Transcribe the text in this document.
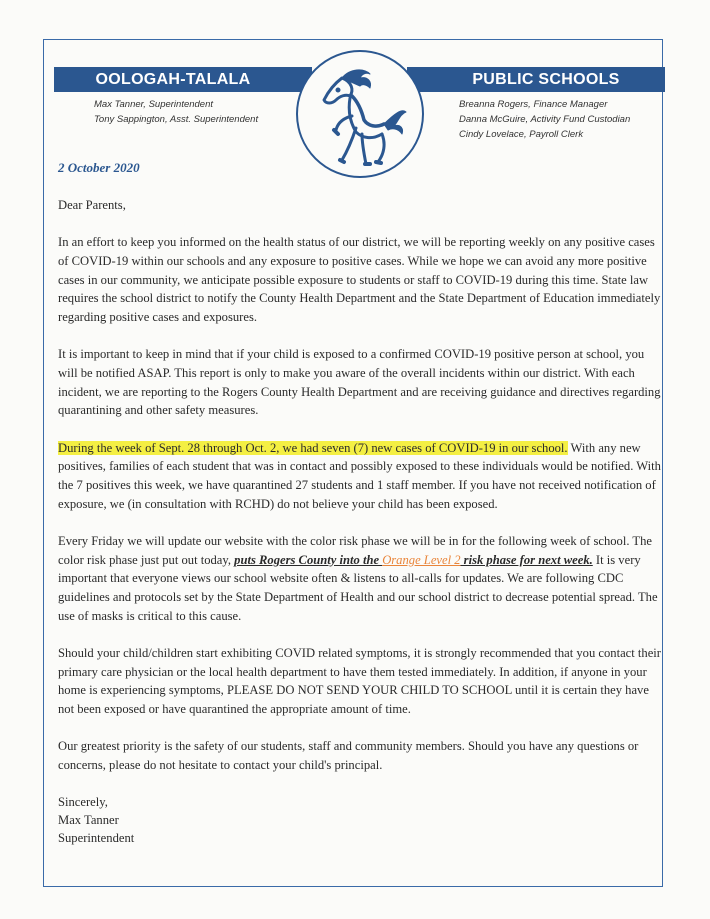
OOLOGAH-TALALA	PUBLIC SCHOOLS
Max Tanner, Superintendent
Tony Sappington, Asst. Superintendent
Breanna Rogers, Finance Manager
Danna McGuire, Activity Fund Custodian
Cindy Lovelace, Payroll Clerk
2 October 2020

Dear Parents,

In an effort to keep you informed on the health status of our district, we will be reporting weekly on any positive cases of COVID-19 within our schools and any exposure to positive cases. While we hope we can avoid any more positive cases in our community, we anticipate possible exposure to students or staff to COVID-19 during this time. State law requires the school district to notify the County Health Department and the State Department of Education immediately regarding positive cases and exposures.

It is important to keep in mind that if your child is exposed to a confirmed COVID-19 positive person at school, you will be notified ASAP. This report is only to make you aware of the overall incidents within our district. With each incident, we are reporting to the Rogers County Health Department and are receiving guidance and directives regarding quarantining and other safety measures.

During the week of Sept. 28 through Oct. 2, we had seven (7) new cases of COVID-19 in our school. With any new positives, families of each student that was in contact and possibly exposed to these individuals would be notified. With the 7 positives this week, we have quarantined 27 students and 1 staff member. If you have not received notification of exposure, we (in consultation with RCHD) do not believe your child has been exposed.

Every Friday we will update our website with the color risk phase we will be in for the following week of school. The color risk phase just put out today, puts Rogers County into the Orange Level 2 risk phase for next week. It is very important that everyone views our school website often & listens to all-calls for updates. We are following CDC guidelines and protocols set by the State Department of Health and our school district to decrease potential spread. The use of masks is critical to this cause.

Should your child/children start exhibiting COVID related symptoms, it is strongly recommended that you contact their primary care physician or the local health department to have them tested immediately. In addition, if anyone in your home is experiencing symptoms, PLEASE DO NOT SEND YOUR CHILD TO SCHOOL until it is certain they have not been exposed or have quarantined the appropriate amount of time.

Our greatest priority is the safety of our students, staff and community members. Should you have any questions or concerns, please do not hesitate to contact your child's principal.

Sincerely,
Max Tanner
Superintendent
